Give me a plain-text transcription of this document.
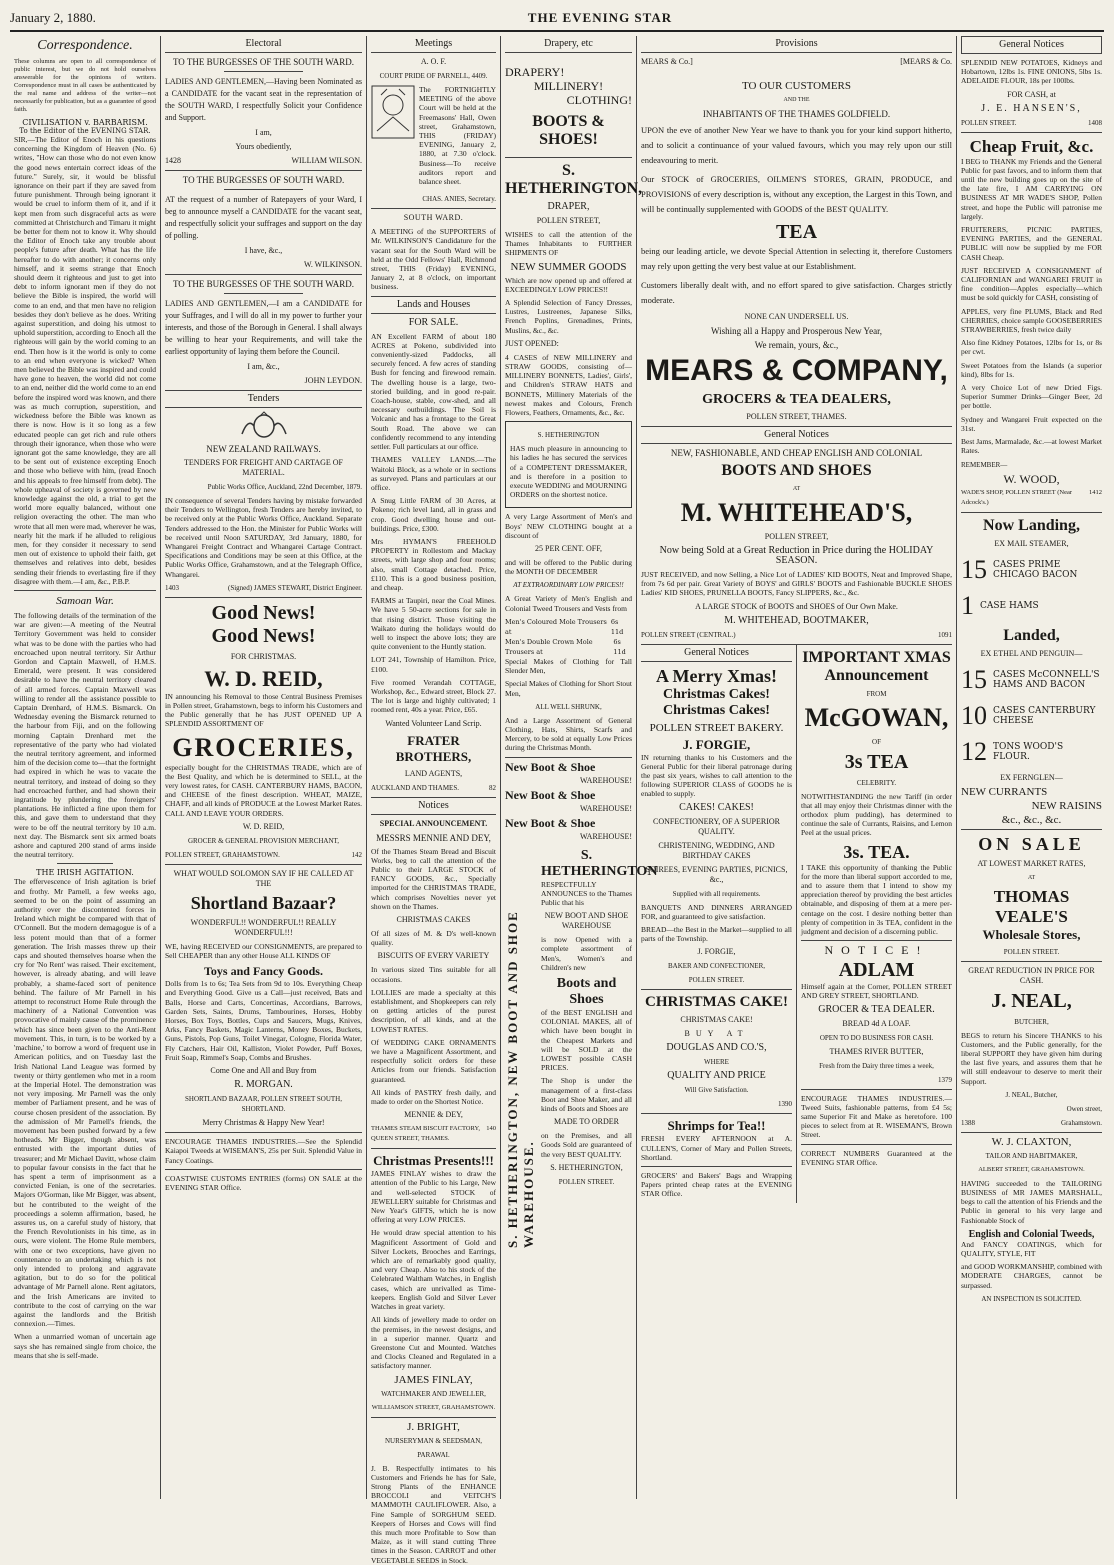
January 2, 1880.	THE EVENING STAR
Correspondence.

These columns are open to all correspondence of public interest, but we do not hold ourselves answerable for the opinions of writers. Correspondence must in all cases be authenticated by the real name and address of the writer—not necessarily for publication, but as a guarantee of good faith.

CIVILISATION v. BARBARISM.
To the Editor of the EVENING STAR.

SIR,—The Editor of Enoch in his questions concerning the Kingdom of Heaven (No. 6) writes, "How can those who do not even know the good news entertain correct ideas of the future." Surely, sir, it would be blissful ignorance on their part if they are saved from future punishment. Through being ignorant it would be cruel to inform them of it, and if it kept men from such disgraceful acts as were committed at Christchurch and Timaru it might be better for them not to know it. Why should the Editor of Enoch take any trouble about people's future after death. What has the life hereafter to do with another; it concerns only himself, and it seems strange that Enoch should deem it righteous and just to get into debt to inform ignorant men if they do not believe the Bible is inspired, the world will come to an end, and that men have no religion besides they don't believe as he does. Writing against superstition, and doing his utmost to uphold superstition, according to Enoch all the righteous will gain by the world coming to an end. Then how is it the world is only to come to an end when everyone is wicked? When men believed the Bible was inspired and could have gone to heaven, the world did not come to an end, neither did the world come to an end before the inspired word was known, and there was as much corruption, superstition, and wickedness before the Bible was known as there is now. How is it so long as a few educated people can get rich and rule others through their ignorance, when those who were ignorant got the same knowledge, they are all to be sent out of existence excepting Enoch and those who believe with him, (read Enoch and his appeals to free himself from debt). The whole upheaval of society is governed by new knowledge against the old, a trial to get the world more equally balanced, without one religion overacting the other. The man who wrote that all men were mad, wherever he was, nearly hit the mark if he alluded to religious men, for they consider it necessary to send men out of existence to uphold their faith, get themselves and relatives into debt, besides sending their friends to everlasting fire if they disagree with them.—I am, &c., P.B.P.

Samoan War.

The following details of the termination of the war are given:—A meeting of the Neutral Territory Government was held to consider what was to be done with the parties who had encroached upon neutral territory. Sir Arthur Gordon and Captain Maxwell, of H.M.S. Emerald, were present. It was considered desirable to have the neutral territory cleared of all armed forces. Captain Maxwell was willing to render all the assistance possible to Captain Drenhard, of H.M.S. Bismarck. On Wednesday evening the Bismarck returned to the harbour from Fiji, and on the following morning Captain Drenhard met the representative of the party who had violated the neutral territory agreement, and informed him of the decision come to—that the fortnight had expired in which he was to vacate the neutral territory, and instead of doing so they had encroached further, and had shown their ingratitude by plundering the foreigners' plantations. He inflicted a fine upon them for this, and gave them to understand that they were to be off the neutral territory by 10 a.m. next day. The Bismarck sent six armed boats ashore and captured 200 stand of arms inside the neutral territory.

THE IRISH AGITATION.

The effervescence of Irish agitation is brief and frothy. Mr Parnell, a few weeks ago, seemed to be on the point of assuming an authority over the discontented forces in Ireland which might be compared with that of O'Connell. But the modern demagogue is of a less potent mould than that of a former generation. The Irish masses threw up their caps and shouted themselves hoarse when the cry for 'No Rent' was raised. Their excitement, however, is already abating, and will leave probably, a shame-faced sort of penitence behind. The failure of Mr Parnell in his attempt to reconstruct Home Rule through the machinery of a National Convention was provocative of mainly cause of the prominence which has since been given to the Anti-Rent movement. This, in turn, is to be worked by a 'machine,' to borrow a word of frequent use in American politics, and on Tuesday last the Irish National Land League was formed by twenty or thirty gentlemen who met in a room at the Imperial Hotel. The demonstration was not very imposing. Mr Parnell was the only member of Parliament present, and he was of course chosen president of the association. By the admission of Mr Parnell's friends, the movement has been pushed forward by a few hotheads. Mr Bigger, though absent, was entrusted with the important duties of treasurer; and Mr Michael Davitt, whose claim to popular favour consists in the fact that he has spent a term of imprisonment as a convicted Fenian, is one of the secretaries. Majors O'Gorman, like Mr Bigger, was absent, but he contributed to the weight of the proceedings a solemn affirmation, based, he assures us, on a careful study of history, that the French Revolutionists in his time, as in ours, were violent. The Home Rule members, with one or two exceptions, have given no countenance to an undertaking which is not only intended to prolong and aggravate agitation, but to do so for the political advantage of Mr Parnell alone. Rent agitators, and the Irish Americans are invited to contribute to the cost of carrying on the war against the landlords and the British connexion.—Times.

When a unmarried woman of uncertain age says she has remained single from choice, the means that she is self-made.

Electoral
TO THE BURGESSES OF THE SOUTH WARD.

LADIES AND GENTLEMEN,—Having been Nominated as a CANDIDATE for the vacant seat in the representation of the SOUTH WARD, I respectfully Solicit your Confidence and Support.

I am,
Yours obediently,
1428	WILLIAM WILSON.
TO THE BURGESSES OF SOUTH WARD.

AT the request of a number of Ratepayers of your Ward, I beg to announce myself a CANDIDATE for the vacant seat, and respectfully solicit your suffrages and support on the day of polling.

I have, &c.,
W. WILKINSON.
TO THE BURGESSES OF THE SOUTH WARD.

LADIES AND GENTLEMEN,—I am a CANDIDATE for your Suffrages, and I will do all in my power to further your interests, and those of the Borough in General. I shall always be willing to hear your Requirements, and will take the earliest opportunity of laying them before the Council.

I am, &c.,
JOHN LEYDON.
Tenders
NEW ZEALAND RAILWAYS.
TENDERS FOR FREIGHT AND CARTAGE OF MATERIAL.
Public Works Office, Auckland, 22nd December, 1879.

IN consequence of several Tenders having by mistake forwarded their Tenders to Wellington, fresh Tenders are hereby invited, to be received only at the Public Works Office, Auckland. Separate Tenders addressed to the Hon. the Minister for Public Works will be received until Noon SATURDAY, 3rd January, 1880, for Whangarei Freight Contract and Whangarei Cartage Contract. Specifications and Conditions may be seen at this Office, at the Public Works Office, Grahamstown, and at the Telegraph Office, Whangarei.

1403	(Signed) JAMES STEWART, District Engineer.
Good News!
Good News!
FOR CHRISTMAS.
W. D. REID,

IN announcing his Removal to those Central Business Premises in Pollen street, Grahamstown, begs to inform his Customers and the Public generally that he has JUST OPENED UP A SPLENDID ASSORTMENT OF

GROCERIES,

especially bought for the CHRISTMAS TRADE, which are of the Best Quality, and which he is determined to SELL, at the very lowest rates, for CASH. CANTERBURY HAMS, BACON, and CHEESE of the finest description. WHEAT, MAIZE, CHAFF, and all kinds of PRODUCE at the Lowest Market Rates. CALL AND LEAVE YOUR ORDERS.

W. D. REID,
GROCER & GENERAL PROVISION MERCHANT,
POLLEN STREET, GRAHAMSTOWN.	142
WHAT WOULD SOLOMON SAY IF HE CALLED AT THE
Shortland Bazaar?
WONDERFUL!! WONDERFUL!! REALLY WONDERFUL!!!

WE, having RECEIVED our CONSIGNMENTS, are prepared to Sell CHEAPER than any other House ALL KINDS OF

Toys and Fancy Goods.

Dolls from 1s to 6s; Tea Sets from 9d to 10s. Everything Cheap and Everything Good. Give us a Call—just received, Bats and Balls, Horse and Carts, Concertinas, Accordians, Barrows, Garden Sets, Saints, Drums, Tambourines, Horses, Hobby Horses, Box Toys, Bottles, Cups and Saucers, Mugs, Knives, Arks, Fancy Baskets, Magic Lanterns, Money Boxes, Buckets, Guns, Pistols, Pop Guns, Toilet Vinegar, Cologne, Florida Water, Fly Catchers, Hair Oil, Kalliston, Violet Powder, Puff Boxes, Fruit Soap, Rimmel's Soap, Combs and Brushes.

Come One and All and Buy from
R. MORGAN.
SHORTLAND BAZAAR, POLLEN STREET SOUTH, SHORTLAND.
Merry Christmas & Happy New Year!

ENCOURAGE THAMES INDUSTRIES.—See the Splendid Kaiapoi Tweeds at WISEMAN'S, 25s per Suit. Splendid Value in Fancy Coatings.

COASTWISE CUSTOMS ENTRIES (forms) ON SALE at the EVENING STAR Office.

Meetings
A. O. F.
COURT PRIDE OF PARNELL, 4409.

The FORTNIGHTLY MEETING of the above Court will be held at the Freemasons' Hall, Owen street, Grahamstown, THIS (FRIDAY) EVENING, January 2, 1880, at 7.30 o'clock. Business—To receive auditors report and balance sheet.

CHAS. ANIES, Secretary.
SOUTH WARD.

A MEETING of the SUPPORTERS of Mr. WILKINSON'S Candidature for the vacant seat for the South Ward will be held at the Odd Fellows' Hall, Richmond street, THIS (Friday) EVENING, January 2, at 8 o'clock, on important business.

Lands and Houses
FOR SALE.

AN Excellent FARM of about 180 ACRES at Pokeno, subdivided into conveniently-sized Paddocks, all securely fenced. A few acres of standing Bush for fencing and firewood remain. The dwelling house is a large, two-storied building, and in good re-pair. Coach-house, stable, cow-shed, and all necessary outbuildings. The Soil is Volcanic and has a frontage to the Great South Road. The above we can confidently recommend to any intending settler. Full particulars at our office.

THAMES VALLEY LANDS.—The Waitoki Block, as a whole or in sections as surveyed. Plans and particulars at our office.

A Snug Little FARM of 30 Acres, at Pokeno; rich level land, all in grass and crop. Good dwelling house and out-buildings. Price, £300.

Mrs HYMAN'S FREEHOLD PROPERTY in Rollestom and Mackay streets, with large shop and four rooms; also, small Cottage detached. Price, £110. This is a good business position, and cheap.

FARMS at Taupiri, near the Coal Mines. We have 5 50-acre sections for sale in that rising district. Those visiting the Waikato during the holidays would do well to inspect the above lots; they are quite convenient to the Huntly station.

LOT 241, Township of Hamilton. Price, £100.

Five roomed Verandah COTTAGE, Workshop, &c., Edward street, Block 27. The lot is large and highly cultivated; 1 roomed rent, 40s a year. Price, £65.

Wanted Volunteer Land Scrip.
FRATER BROTHERS,
LAND AGENTS,
AUCKLAND AND THAMES.	82
Notices
SPECIAL ANNOUNCEMENT.
MESSRS MENNIE AND DEY,

Of the Thames Steam Bread and Biscuit Works, beg to call the attention of the Public to their LARGE STOCK of FANCY GOODS, &c., Specially imported for the CHRISTMAS TRADE, which comprises Novelties never yet shown on the Thames.

CHRISTMAS CAKES

Of all sizes of M. & D's well-known quality.

BISCUITS OF EVERY VARIETY

In various sized Tins suitable for all occasions.

LOLLIES are made a specialty at this establishment, and Shopkeepers can rely on getting articles of the purest description, of all kinds, and at the LOWEST RATES.

Of WEDDING CAKE ORNAMENTS we have a Magnificent Assortment, and respectfully solicit orders for these Articles from our friends. Satisfaction guaranteed.

All kinds of PASTRY fresh daily, and made to order on the Shortest Notice.

MENNIE & DEY,
THAMES STEAM BISCUIT FACTORY, QUEEN STREET, THAMES.
140
Christmas Presents!!!

JAMES FINLAY wishes to draw the attention of the Public to his Large, New and well-selected STOCK of JEWELLERY suitable for Christmas and New Year's GIFTS, which he is now offering at very LOW PRICES.

He would draw special attention to his Magnificent Assortment of Gold and Silver Lockets, Brooches and Earrings, which are of remarkably good quality, and very Cheap. Also to his stock of the Celebrated Waltham Watches, in English cases, which are unrivalled as Time-keepers. English Gold and Silver Lever Watches in great variety.

All kinds of jewellery made to order on the premises, in the newest designs, and in a superior manner. Quartz and Greenstone Cut and Mounted. Watches and Clocks Cleaned and Regulated in a satisfactory manner.

JAMES FINLAY,
WATCHMAKER AND JEWELLER,
WILLIAMSON STREET, GRAHAMSTOWN.
J. BRIGHT,
NURSERYMAN & SEEDSMAN,
PARAWAI.

J. B. Respectfully intimates to his Customers and Friends he has for Sale, Strong Plants of the ENHANCE BROCCOLI and VEITCH'S MAMMOTH CAULIFLOWER. Also, a Fine Sample of SORGHUM SEED. Keepers of Horses and Cows will find this much more Profitable to Sow than Maize, as it will stand cutting Three times in the Season. CARROT and other VEGETABLE SEEDS in Stock.

Drapery, etc
DRAPERY!
MILLINERY!
CLOTHING!
BOOTS & SHOES!
S. HETHERINGTON,
DRAPER,
POLLEN STREET,

WISHES to call the attention of the Thames Inhabitants to FURTHER SHIPMENTS OF

NEW SUMMER GOODS

Which are now opened up and offered at EXCEEDINGLY LOW PRICES!!

A Splendid Selection of Fancy Dresses, Lustres, Lustreenes, Japanese Silks, French Poplins, Grenadines, Prints, Muslins, &c., &c.

JUST OPENED:

4 CASES of NEW MILLINERY and STRAW GOODS, consisting of— MILLINERY BONNETS, Ladies', Girls', and Children's STRAW HATS and BONNETS, Millinery Materials of the newest makes and Colours, French Flowers, Feathers, Ornaments, &c., &c.

S. HETHERINGTON

HAS much pleasure in announcing to his ladies he has secured the services of a COMPETENT DRESSMAKER, and is therefore in a position to execute WEDDING and MOURNING ORDERS on the shortest notice.

A very Large Assortment of Men's and Boys' NEW CLOTHING bought at a discount of

25 PER CENT. OFF,

and will be offered to the Public during the MONTH OF DECEMBER

AT EXTRAORDINARY LOW PRICES!!

A Great Variety of Men's English and Colonial Tweed Trousers and Vests from

Men's Coloured Mole Trousers at
6s 11d
Men's Double Crown Mole Trousers at
6s 11d

Special Makes of Clothing for Tall Slender Men,

Special Makes of Clothing for Short Stout Men,

ALL WELL SHRUNK,

And a Large Assortment of General Clothing, Hats, Shirts, Scarfs and Mercery, to be sold at equally Low Prices during the Christmas Month.

New Boot & Shoe
WAREHOUSE!
New Boot & Shoe
WAREHOUSE!
New Boot & Shoe
WAREHOUSE!
S. HETHERINGTON, NEW BOOT AND SHOE WAREHOUSE.
S. HETHERINGTON

RESPECTFULLY ANNOUNCES to the Thames Public that his

NEW BOOT AND SHOE WAREHOUSE

is now Opened with a complete assortment of Men's, Women's and Children's new

Boots and Shoes

of the BEST ENGLISH and COLONIAL MAKES, all of which have been bought in the Cheapest Markets and will be SOLD at the LOWEST possible CASH PRICES.

The Shop is under the management of a first-class Boot and Shoe Maker, and all kinds of Boots and Shoes are

MADE TO ORDER

on the Premises, and all Goods Sold are guaranteed of the very BEST QUALITY.

S. HETHERINGTON,
POLLEN STREET.
Provisions
MEARS & Co.]	[MEARS & Co.
TO OUR CUSTOMERS
AND THE
INHABITANTS OF THE THAMES GOLDFIELD.

UPON the eve of another New Year we have to thank you for your kind support hitherto, and to solicit a continuance of your valued favours, which you may rely upon our still endeavouring to merit.

Our STOCK of GROCERIES, OILMEN'S STORES, GRAIN, PRODUCE, and PROVISIONS of every description is, without any exception, the Largest in this Town, and will be continually supplemented with GOODS of the BEST QUALITY.

TEA

being our leading article, we devote Special Attention in selecting it, therefore Customers may rely upon getting the very best value at our Establishment.

Customers liberally dealt with, and no effort spared to give satisfaction. Charges strictly moderate.

NONE CAN UNDERSELL US.
Wishing all a Happy and Prosperous New Year,
We remain, yours, &c.,
MEARS & COMPANY,
GROCERS & TEA DEALERS,
POLLEN STREET, THAMES.
General Notices
NEW, FASHIONABLE, AND CHEAP ENGLISH AND COLONIAL
BOOTS AND SHOES
AT
M. WHITEHEAD'S,
POLLEN STREET,
Now being Sold at a Great Reduction in Price during the HOLIDAY SEASON.

JUST RECEIVED, and now Selling, a Nice Lot of LADIES' KID BOOTS, Neat and Improved Shape, from 7s 6d per pair. Great Variety of BOYS' and GIRLS' BOOTS and Fashionable BUCKLE SHOES Ladies' KID SHOES, PRUNELLA BOOTS, Fancy SLIPPERS, &c., &c.

A LARGE STOCK of BOOTS and SHOES of Our Own Make.
M. WHITEHEAD, BOOTMAKER,
POLLEN STREET (CENTRAL.)	1091
General Notices
A Merry Xmas!
Christmas Cakes!
Christmas Cakes!
POLLEN STREET BAKERY.
J. FORGIE,

IN returning thanks to his Customers and the General Public for their liberal patronage during the past six years, wishes to call attention to the following SUPERIOR CLASS of GOODS he is enabled to supply.

CAKES! CAKES!
CONFECTIONERY, OF A SUPERIOR QUALITY.
CHRISTENING, WEDDING, AND BIRTHDAY CAKES
SOIREES, EVENING PARTIES, PICNICS, &c.,
Supplied with all requirements.

BANQUETS AND DINNERS ARRANGED FOR, and guaranteed to give satisfaction.

BREAD—the Best in the Market—supplied to all parts of the Township.

J. FORGIE,
BAKER AND CONFECTIONER,
POLLEN STREET.
CHRISTMAS CAKE!
CHRISTMAS CAKE!
BUY AT
DOUGLAS AND CO.'S,
WHERE
QUALITY AND PRICE
Will Give Satisfaction.
1390
Shrimps for Tea!!

FRESH EVERY AFTERNOON at A. CULLEN'S, Corner of Mary and Pollen Streets, Shortland.

GROCERS' and Bakers' Bags and Wrapping Papers printed cheap rates at the EVENING STAR Office.

IMPORTANT XMAS
Announcement
FROM
McGOWAN,
OF
3s TEA
CELEBRITY.

NOTWITHSTANDING the new Tariff (in order that all may enjoy their Christmas dinner with the orthodox plum pudding), has determined to continue the sale of Currants, Raisins, and Lemon Peel at the usual prices.

3s. TEA.

I TAKE this opportunity of thanking the Public for the more than liberal support accorded to me, and to assure them that I intend to show my appreciation thereof by providing the best articles obtainable, and disposing of them at a mere per-centage on the cost. I desire nothing better than plenty of competition in 3s TEA, confident in the judgment and decision of a discerning public.

NOTICE!
ADLAM

Himself again at the Corner, POLLEN STREET AND GREY STREET, SHORTLAND.

GROCER & TEA DEALER.
BREAD 4d A LOAF.
OPEN TO DO BUSINESS FOR CASH.
THAMES RIVER BUTTER,
Fresh from the Dairy three times a week,
1379

ENCOURAGE THAMES INDUSTRIES.—Tweed Suits, fashionable patterns, from £4 5s; same Superior Fit and Make as heretofore. 100 pieces to select from at R. WISEMAN'S, Brown Street.

CORRECT NUMBERS Guaranteed at the EVENING STAR Office.

General Notices

SPLENDID NEW POTATOES, Kidneys and Hobartown, 12lbs 1s. FINE ONIONS, 5lbs 1s. ADELAIDE FLOUR, 18s per 100lbs.

FOR CASH, at
J. E. HANSEN'S,
POLLEN STREET.	1408
Cheap Fruit, &c.

I BEG to THANK my Friends and the General Public for past favors, and to inform them that until the new building goes up on the site of the late fire, I AM CARRYING ON BUSINESS AT MR WADE'S SHOP, Pollen street, and hope the Public will patronise me largely.

FRUITERERS, PICNIC PARTIES, EVENING PARTIES, and the GENERAL PUBLIC will now be supplied by me FOR CASH Cheap.

JUST RECEIVED A CONSIGNMENT of CALIFORNIAN and WANGAREI FRUIT in fine condition—Apples especially—which must be sold quickly for CASH, consisting of

APPLES, very fine PLUMS, Black and Red CHERRIES, choice sample GOOSEBERRIES STRAWBERRIES, fresh twice daily

Also fine Kidney Potatoes, 12lbs for 1s, or 8s per cwt.

Sweet Potatoes from the Islands (a superior kind), 8lbs for 1s.

A very Choice Lot of new Dried Figs. Superior Summer Drinks—Ginger Beer, 2d per bottle.

Sydney and Wangarei Fruit expected on the 31st.

Best Jams, Marmalade, &c.—at lowest Market Rates.

REMEMBER—
W. WOOD,
WADE'S SHOP, POLLEN STREET (Near Adcock's.)
1412
Now Landing,
EX MAIL STEAMER,
15 CASES PRIME CHICAGO BACON
1 CASE HAMS
Landed,
EX ETHEL AND PENGUIN—
15 CASES McCONNELL'S HAMS AND BACON
10 CASES CANTERBURY CHEESE
12 TONS WOOD'S FLOUR.
EX FERNGLEN—
NEW CURRANTS
NEW RAISINS
&c., &c., &c.
ON SALE
AT LOWEST MARKET RATES,
AT
THOMAS VEALE'S
Wholesale Stores,
POLLEN STREET.
GREAT REDUCTION IN PRICE FOR CASH.
J. NEAL,
BUTCHER,

BEGS to return his Sincere THANKS to his Customers, and the Public generally, for the liberal SUPPORT they have given him during the last five years, and assures them that he will still endeavour to deserve to merit their Support.

J. NEAL, Butcher,
Owen street,
1388	Grahamstown.
W. J. CLAXTON,
TAILOR AND HABITMAKER,
ALBERT STREET, GRAHAMSTOWN.

HAVING succeeded to the TAILORING BUSINESS of MR JAMES MARSHALL, begs to call the attention of his Friends and the Public in general to his very large and Fashionable Stock of

English and Colonial Tweeds,

And FANCY COATINGS, which for QUALITY, STYLE, FIT

and GOOD WORKMANSHIP, combined with MODERATE CHARGES, cannot be surpassed.

AN INSPECTION IS SOLICITED.
